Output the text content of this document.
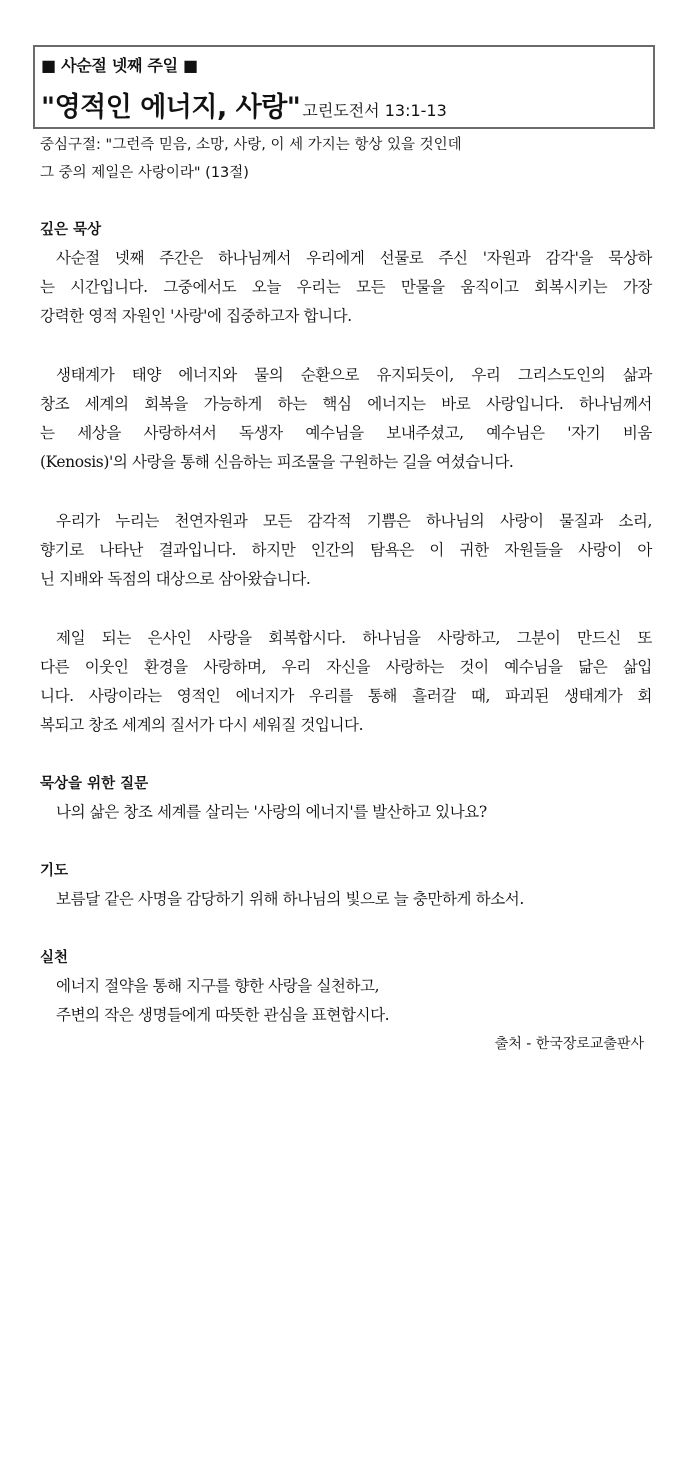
■ 사순절 넷째 주일 ■
"영적인 에너지, 사랑" 고린도전서 13:1-13
중심구절: "그런즉 믿음, 소망, 사랑, 이 세 가지는 항상 있을 것인데
그 중의 제일은 사랑이라" (13절)
깊은 묵상
사순절 넷째 주간은 하나님께서 우리에게 선물로 주신 '자원과 감각'을 묵상하
는 시간입니다. 그중에서도 오늘 우리는 모든 만물을 움직이고 회복시키는 가장
강력한 영적 자원인 '사랑'에 집중하고자 합니다.
생태계가 태양 에너지와 물의 순환으로 유지되듯이, 우리 그리스도인의 삶과
창조 세계의 회복을 가능하게 하는 핵심 에너지는 바로 사랑입니다. 하나님께서
는 세상을 사랑하셔서 독생자 예수님을 보내주셨고, 예수님은 '자기 비움
(Kenosis)'의 사랑을 통해 신음하는 피조물을 구원하는 길을 여셨습니다.
우리가 누리는 천연자원과 모든 감각적 기쁨은 하나님의 사랑이 물질과 소리,
향기로 나타난 결과입니다. 하지만 인간의 탐욕은 이 귀한 자원들을 사랑이 아
닌 지배와 독점의 대상으로 삼아왔습니다.
제일 되는 은사인 사랑을 회복합시다. 하나님을 사랑하고, 그분이 만드신 또
다른 이웃인 환경을 사랑하며, 우리 자신을 사랑하는 것이 예수님을 닮은 삶입
니다. 사랑이라는 영적인 에너지가 우리를 통해 흘러갈 때, 파괴된 생태계가 회
복되고 창조 세계의 질서가 다시 세워질 것입니다.
묵상을 위한 질문
나의 삶은 창조 세계를 살리는 '사랑의 에너지'를 발산하고 있나요?
기도
보름달 같은 사명을 감당하기 위해 하나님의 빛으로 늘 충만하게 하소서.
실천
에너지 절약을 통해 지구를 향한 사랑을 실천하고,
주변의 작은 생명들에게 따뜻한 관심을 표현합시다.
출처 - 한국장로교출판사
